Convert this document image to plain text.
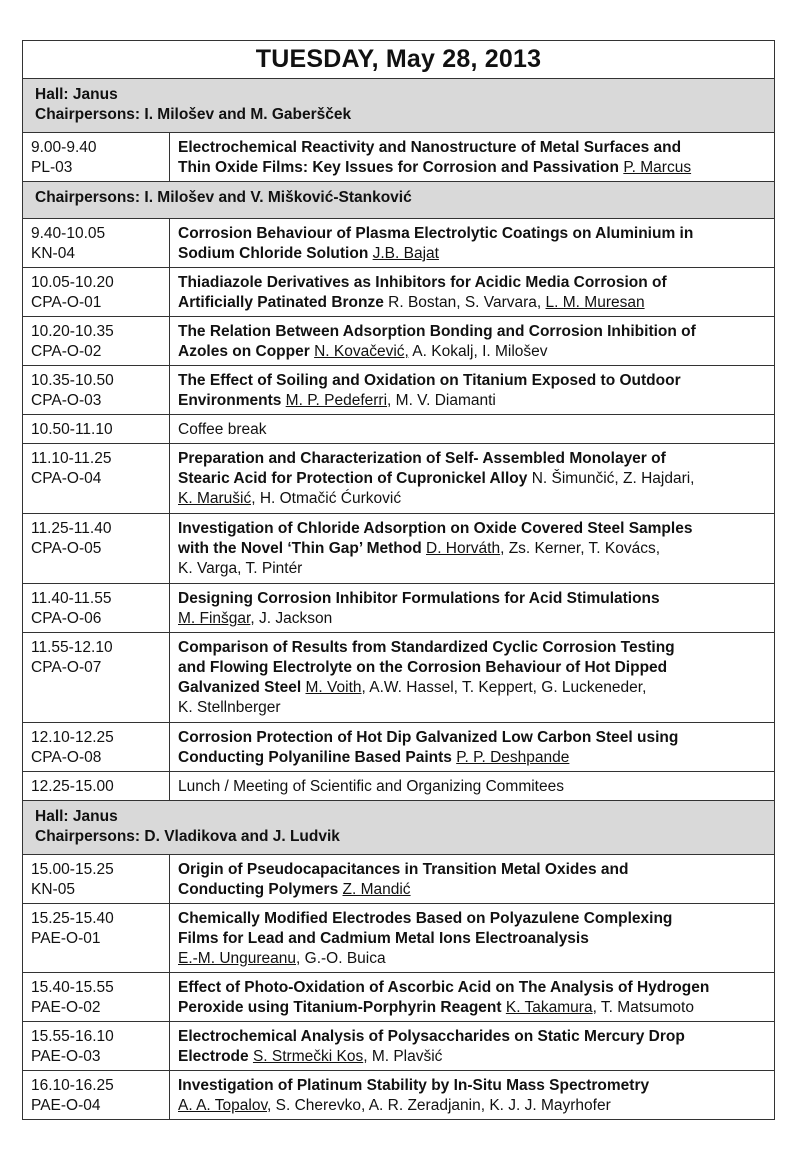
TUESDAY, May 28, 2013
Hall: Janus
Chairpersons: I. Milošev and M. Gaberšček
9.00-9.40
PL-03
Electrochemical Reactivity and Nanostructure of Metal Surfaces and
Thin Oxide Films: Key Issues for Corrosion and Passivation P. Marcus
Chairpersons: I. Milošev and V. Mišković-Stanković
9.40-10.05
KN-04
Corrosion Behaviour of Plasma Electrolytic Coatings on Aluminium in
Sodium Chloride Solution J.B. Bajat
10.05-10.20
CPA-O-01
Thiadiazole Derivatives as Inhibitors for Acidic Media Corrosion of
Artificially Patinated Bronze R. Bostan, S. Varvara, L. M. Muresan
10.20-10.35
CPA-O-02
The Relation Between Adsorption Bonding and Corrosion Inhibition of
Azoles on Copper N. Kovačević, A. Kokalj, I. Milošev
10.35-10.50
CPA-O-03
The Effect of Soiling and Oxidation on Titanium Exposed to Outdoor
Environments M. P. Pedeferri, M. V. Diamanti
10.50-11.10	Coffee break
11.10-11.25
CPA-O-04
Preparation and Characterization of Self- Assembled Monolayer of
Stearic Acid for Protection of Cupronickel Alloy N. Šimunčić, Z. Hajdari,
K. Marušić, H. Otmačić Ćurković
11.25-11.40
CPA-O-05
Investigation of Chloride Adsorption on Oxide Covered Steel Samples
with the Novel ‘Thin Gap’ Method D. Horváth, Zs. Kerner, T. Kovács,
K. Varga, T. Pintér
11.40-11.55
CPA-O-06
Designing Corrosion Inhibitor Formulations for Acid Stimulations
M. Finšgar, J. Jackson
11.55-12.10
CPA-O-07
Comparison of Results from Standardized Cyclic Corrosion Testing
and Flowing Electrolyte on the Corrosion Behaviour of Hot Dipped
Galvanized Steel M. Voith, A.W. Hassel, T. Keppert, G. Luckeneder,
K. Stellnberger
12.10-12.25
CPA-O-08
Corrosion Protection of Hot Dip Galvanized Low Carbon Steel using
Conducting Polyaniline Based Paints P. P. Deshpande
12.25-15.00	Lunch / Meeting of Scientific and Organizing Commitees
Hall: Janus
Chairpersons: D. Vladikova and J. Ludvik
15.00-15.25
KN-05
Origin of Pseudocapacitances in Transition Metal Oxides and
Conducting Polymers Z. Mandić
15.25-15.40
PAE-O-01
Chemically Modified Electrodes Based on Polyazulene Complexing
Films for Lead and Cadmium Metal Ions Electroanalysis
E.-M. Ungureanu, G.-O. Buica
15.40-15.55
PAE-O-02
Effect of Photo-Oxidation of Ascorbic Acid on The Analysis of Hydrogen
Peroxide using Titanium-Porphyrin Reagent K. Takamura, T. Matsumoto
15.55-16.10
PAE-O-03
Electrochemical Analysis of Polysaccharides on Static Mercury Drop
Electrode S. Strmečki Kos, M. Plavšić
16.10-16.25
PAE-O-04
Investigation of Platinum Stability by In-Situ Mass Spectrometry
A. A. Topalov, S. Cherevko, A. R. Zeradjanin, K. J. J. Mayrhofer
